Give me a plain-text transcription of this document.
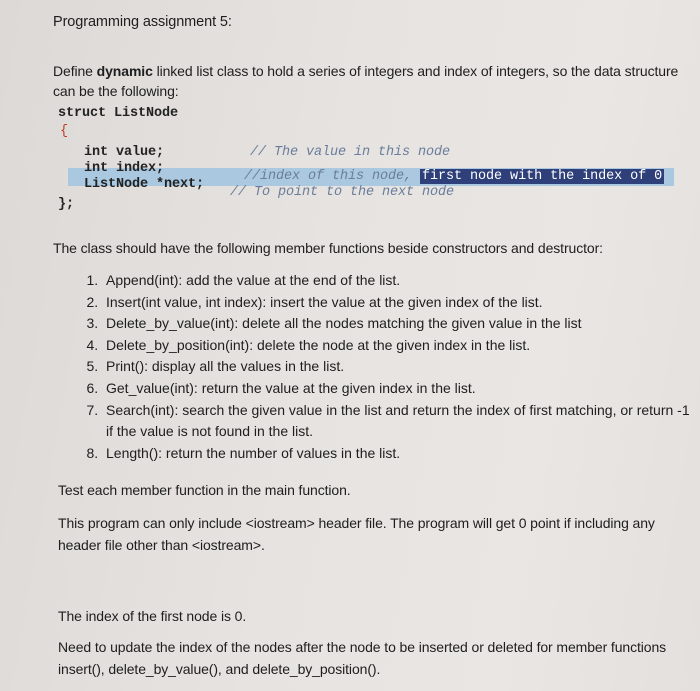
Programming assignment 5:
Define dynamic linked list class to hold a series of integers and index of integers, so the data structure
can be the following:
struct ListNode
{
int value;	// The value in this node
int index;
//index of this node, first node with the index of 0
ListNode *next;
// To point to the next node
};
The class should have the following member functions beside constructors and destructor:
1. Append(int): add the value at the end of the list.
2. Insert(int value, int index): insert the value at the given index of the list.
3. Delete_by_value(int): delete all the nodes matching the given value in the list
4. Delete_by_position(int): delete the node at the given index in the list.
5. Print(): display all the values in the list.
6. Get_value(int): return the value at the given index in the list.
7. Search(int): search the given value in the list and return the index of first matching, or return -1
if the value is not found in the list.
8. Length(): return the number of values in the list.
Test each member function in the main function.
This program can only include <iostream> header file. The program will get 0 point if including any
header file other than <iostream>.
The index of the first node is 0.
Need to update the index of the nodes after the node to be inserted or deleted for member functions
insert(), delete_by_value(), and delete_by_position().
